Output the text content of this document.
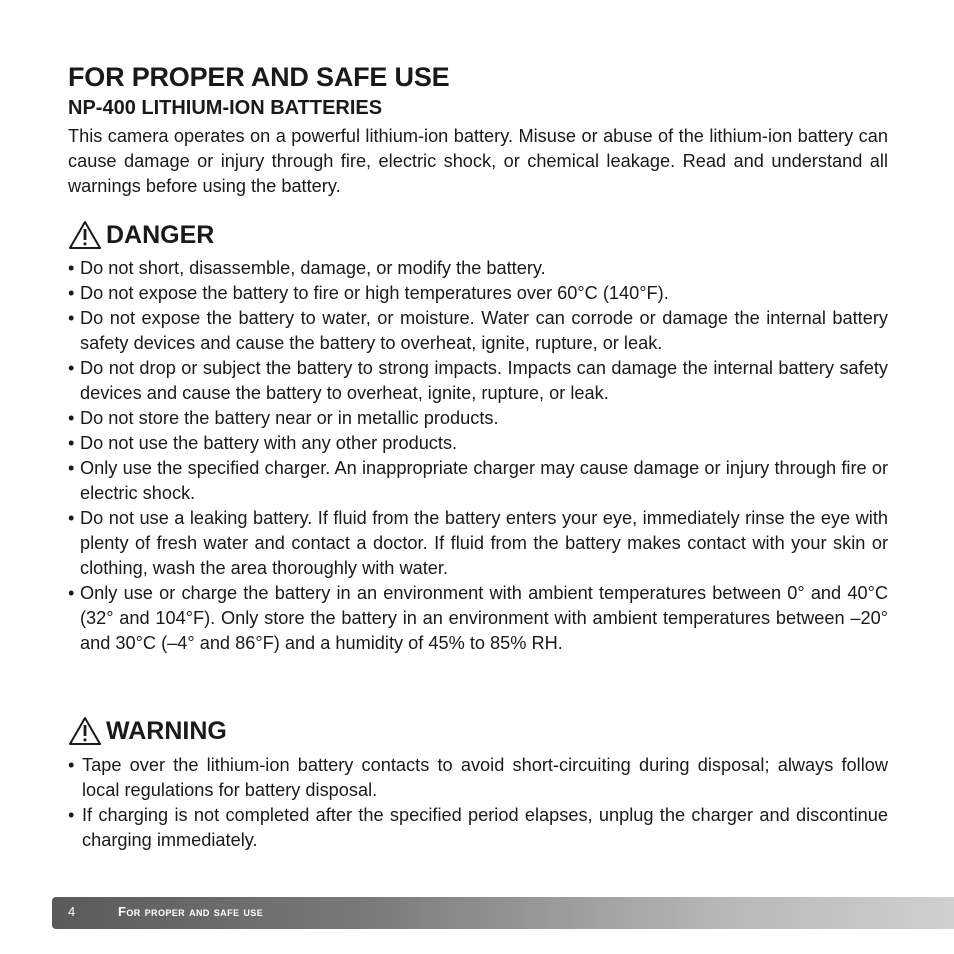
FOR PROPER AND SAFE USE
NP-400 LITHIUM-ION BATTERIES

This camera operates on a powerful lithium-ion battery. Misuse or abuse of the lithium-ion battery can cause damage or injury through fire, electric shock, or chemical leakage. Read and understand all warnings before using the battery.

DANGER
• Do not short, disassemble, damage, or modify the battery.
• Do not expose the battery to fire or high temperatures over 60°C (140°F).
• Do not expose the battery to water, or moisture. Water can corrode or damage the internal battery safety devices and cause the battery to overheat, ignite, rupture, or leak.
• Do not drop or subject the battery to strong impacts. Impacts can damage the internal battery safety devices and cause the battery to overheat, ignite, rupture, or leak.
• Do not store the battery near or in metallic products.
• Do not use the battery with any other products.
• Only use the specified charger. An inappropriate charger may cause damage or injury through fire or electric shock.
• Do not use a leaking battery. If fluid from the battery enters your eye, immediately rinse the eye with plenty of fresh water and contact a doctor. If fluid from the battery makes contact with your skin or clothing, wash the area thoroughly with water.
• Only use or charge the battery in an environment with ambient temperatures between 0° and 40°C (32° and 104°F). Only store the battery in an environment with ambient temperatures between –20° and 30°C (–4° and 86°F) and a humidity of 45% to 85% RH.
WARNING
• Tape over the lithium-ion battery contacts to avoid short-circuiting during disposal; always follow local regulations for battery disposal.
• If charging is not completed after the specified period elapses, unplug the charger and discontinue charging immediately.
4	For proper and safe use
